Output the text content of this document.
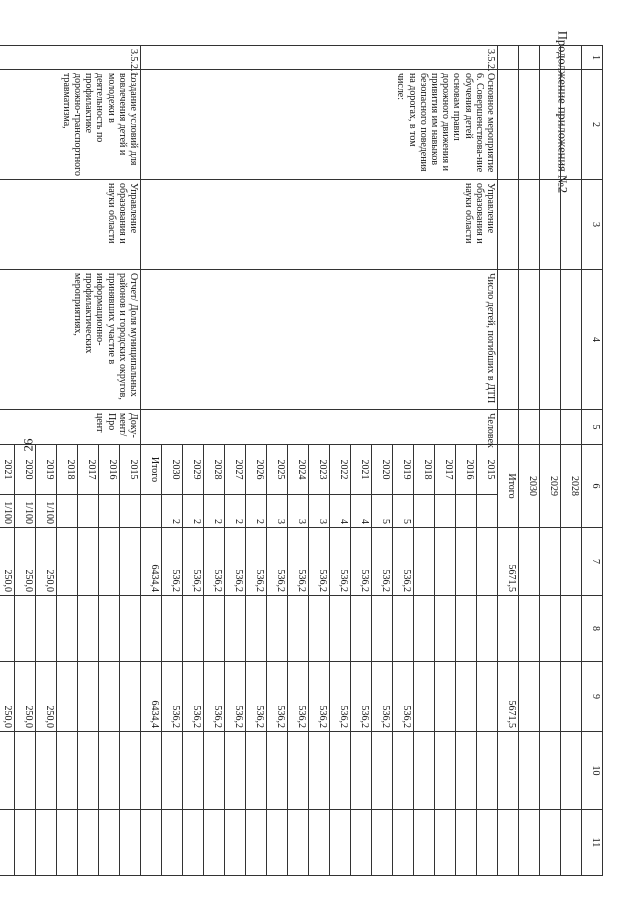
26
Продолжение приложения №2 1	2	3	4	5	6		7	8	9	10	11
					2028						
					2029						
					2030						
					Итого		5671,5		5671,5		
3.5.2.	Основное мероприятие 6. Совершенствова-ние обучения детей основам правил дорожного движения и привития им навыков безопасного поведения на дорогах, в том числе:	Управление образования и науки области	Число детей, погибших в ДТП	Человек	2015						
					2016						
					2017						
					2018						
					2019	5	536,2		536,2		
					2020	5	536,2		536,2		
					2021	4	536,2		536,2		
					2022	4	536,2		536,2		
					2023	3	536,2		536,2		
					2024	3	536,2		536,2		
					2025	3	536,2		536,2		
					2026	2	536,2		536,2		
					2027	2	536,2		536,2		
					2028	2	536,2		536,2		
					2029	2	536,2		536,2		
					2030	2	536,2		536,2		
					Итого		6434,4		6434,4		
3.5.2.1.	создание условий для вовлечения детей и молодежи в деятельность по профилактике дорожно-транспортного травматизма,	Управление образования и науки области	Отчет/ Доля муниципальных районов и городских округов, принявших участие в информационно-профилактических мероприятиях,	Доку-мент/ Про цент	2015						
					2016						
					2017						
					2018						
					2019	1/100	250,0		250,0		
					2020	1/100	250,0		250,0		
					2021	1/100	250,0		250,0		
